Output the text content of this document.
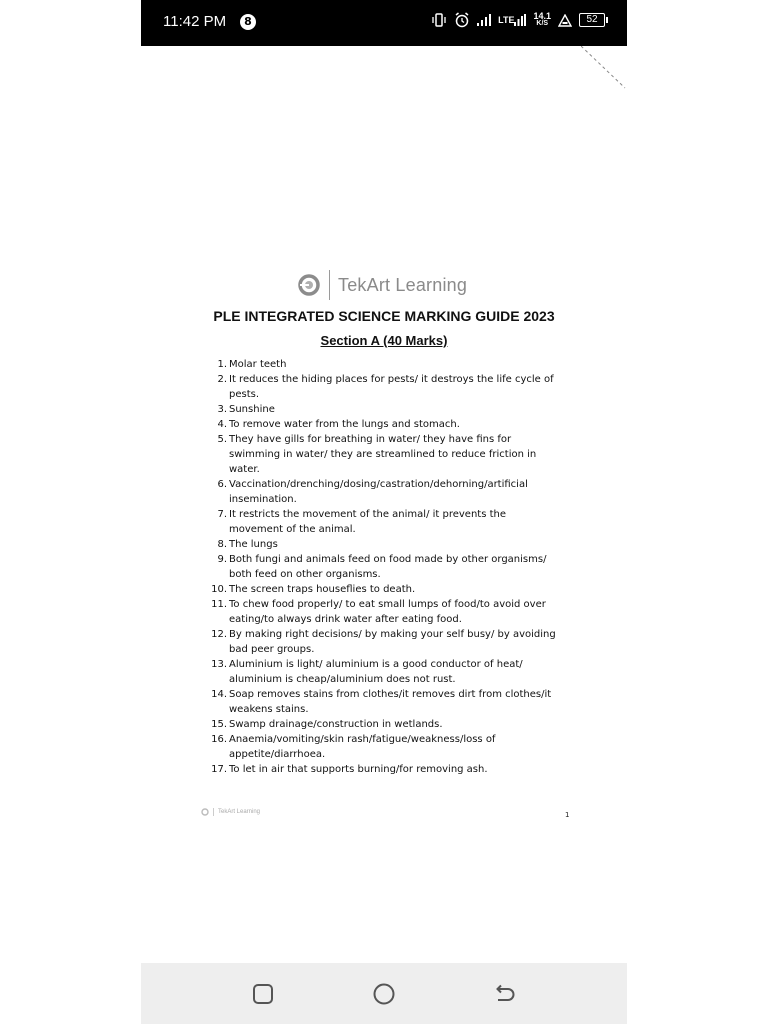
11:42 PM	8	LTE 14.1
K/S	52
TekArt Learning
PLE INTEGRATED SCIENCE MARKING GUIDE 2023
Section A (40 Marks)
1. Molar teeth
2. It reduces the hiding places for pests/ it destroys the life cycle of pests.
3. Sunshine
4. To remove water from the lungs and stomach.
5. They have gills for breathing in water/ they have fins for swimming in water/ they are streamlined to reduce friction in water.
6. Vaccination/drenching/dosing/castration/dehorning/artificial insemination.
7. It restricts the movement of the animal/ it prevents the movement of the animal.
8. The lungs
9. Both fungi and animals feed on food made by other organisms/ both feed on other organisms.
10. The screen traps houseflies to death.
11. To chew food properly/ to eat small lumps of food/to avoid over eating/to always drink water after eating food.
12. By making right decisions/ by making your self busy/ by avoiding bad peer groups.
13. Aluminium is light/ aluminium is a good conductor of heat/ aluminium is cheap/aluminium does not rust.
14. Soap removes stains from clothes/it removes dirt from clothes/it weakens stains.
15. Swamp drainage/construction in wetlands.
16. Anaemia/vomiting/skin rash/fatigue/weakness/loss of appetite/diarrhoea.
17. To let in air that supports burning/for removing ash.
TekArt Learning	1
